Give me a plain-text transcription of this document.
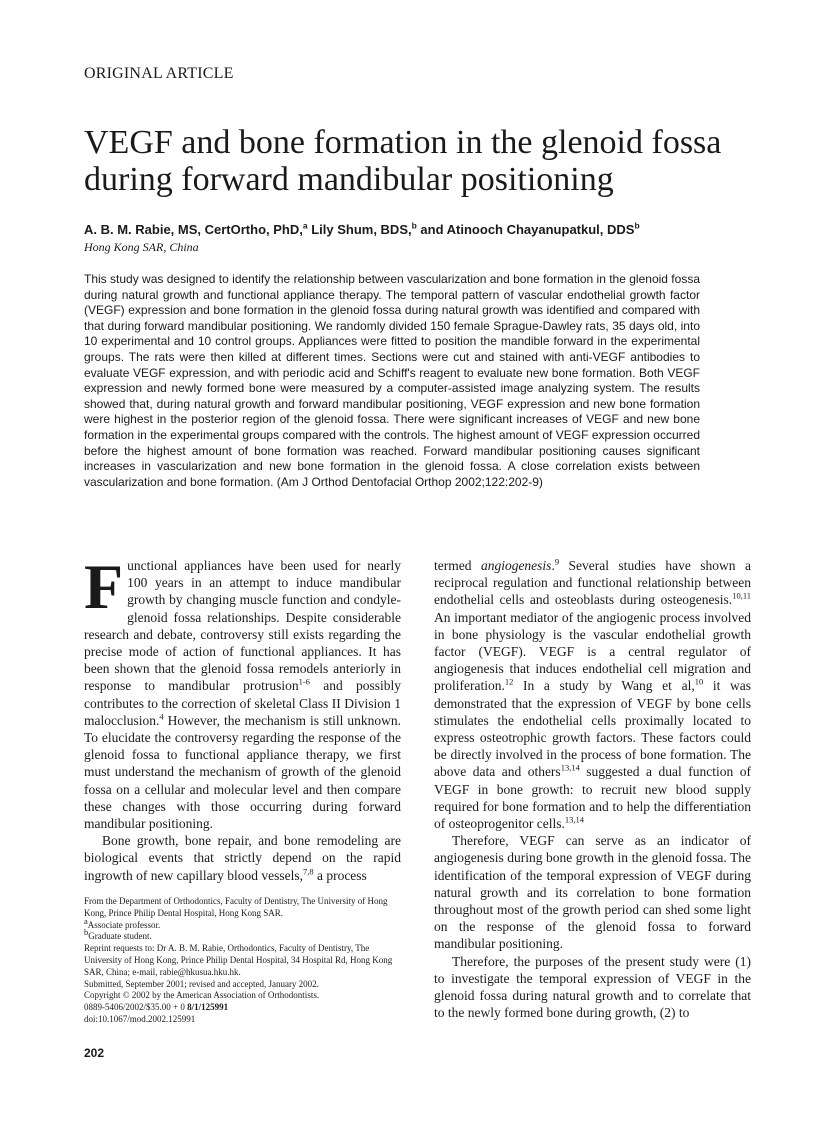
ORIGINAL ARTICLE
VEGF and bone formation in the glenoid fossa during forward mandibular positioning
A. B. M. Rabie, MS, CertOrtho, PhD,$^a$ Lily Shum, BDS,$^b$ and Atinooch Chayanupatkul, DDS$^b$
Hong Kong SAR, China
This study was designed to identify the relationship between vascularization and bone formation in the glenoid fossa during natural growth and functional appliance therapy. The temporal pattern of vascular endothelial growth factor (VEGF) expression and bone formation in the glenoid fossa during natural growth was identified and compared with that during forward mandibular positioning. We randomly divided 150 female Sprague-Dawley rats, 35 days old, into 10 experimental and 10 control groups. Appliances were fitted to position the mandible forward in the experimental groups. The rats were then killed at different times. Sections were cut and stained with anti-VEGF antibodies to evaluate VEGF expression, and with periodic acid and Schiff's reagent to evaluate new bone formation. Both VEGF expression and newly formed bone were measured by a computer-assisted image analyzing system. The results showed that, during natural growth and forward mandibular positioning, VEGF expression and new bone formation were highest in the posterior region of the glenoid fossa. There were significant increases of VEGF and new bone formation in the experimental groups compared with the controls. The highest amount of VEGF expression occurred before the highest amount of bone formation was reached. Forward mandibular positioning causes significant increases in vascularization and new bone formation in the glenoid fossa. A close correlation exists between vascularization and bone formation. (Am J Orthod Dentofacial Orthop 2002;122:202-9)

Functional appliances have been used for nearly 100 years in an attempt to induce mandibular growth by changing muscle function and condyle-glenoid fossa relationships. Despite considerable research and debate, controversy still exists regarding the precise mode of action of functional appliances. It has been shown that the glenoid fossa remodels anteriorly in response to mandibular protrusion$^{1-6}$ and possibly contributes to the correction of skeletal Class II Division 1 malocclusion.$^4$ However, the mechanism is still unknown. To elucidate the controversy regarding the response of the glenoid fossa to functional appliance therapy, we first must understand the mechanism of growth of the glenoid fossa on a cellular and molecular level and then compare these changes with those occurring during forward mandibular positioning.

Bone growth, bone repair, and bone remodeling are biological events that strictly depend on the rapid ingrowth of new capillary blood vessels,$^{7,8}$ a process

From the Department of Orthodontics, Faculty of Dentistry, The University of Hong Kong, Prince Philip Dental Hospital, Hong Kong SAR.
$^a$Associate professor.
$^b$Graduate student.
Reprint requests to: Dr A. B. M. Rabie, Orthodontics, Faculty of Dentistry, The University of Hong Kong, Prince Philip Dental Hospital, 34 Hospital Rd, Hong Kong SAR, China; e-mail, rabie@hkusua.hku.hk.
Submitted, September 2001; revised and accepted, January 2002.
Copyright © 2002 by the American Association of Orthodontists.
0889-5406/2002/$35.00 + 0 8/1/125991
doi:10.1067/mod.2002.125991

termed angiogenesis.$^9$ Several studies have shown a reciprocal regulation and functional relationship between endothelial cells and osteoblasts during osteogenesis.$^{10,11}$ An important mediator of the angiogenic process involved in bone physiology is the vascular endothelial growth factor (VEGF). VEGF is a central regulator of angiogenesis that induces endothelial cell migration and proliferation.$^{12}$ In a study by Wang et al,$^{10}$ it was demonstrated that the expression of VEGF by bone cells stimulates the endothelial cells proximally located to express osteotrophic growth factors. These factors could be directly involved in the process of bone formation. The above data and others$^{13,14}$ suggested a dual function of VEGF in bone growth: to recruit new blood supply required for bone formation and to help the differentiation of osteoprogenitor cells.$^{13,14}$

Therefore, VEGF can serve as an indicator of angiogenesis during bone growth in the glenoid fossa. The identification of the temporal expression of VEGF during natural growth and its correlation to bone formation throughout most of the growth period can shed some light on the response of the glenoid fossa to forward mandibular positioning.

Therefore, the purposes of the present study were (1) to investigate the temporal expression of VEGF in the glenoid fossa during natural growth and to correlate that to the newly formed bone during growth, (2) to

202
